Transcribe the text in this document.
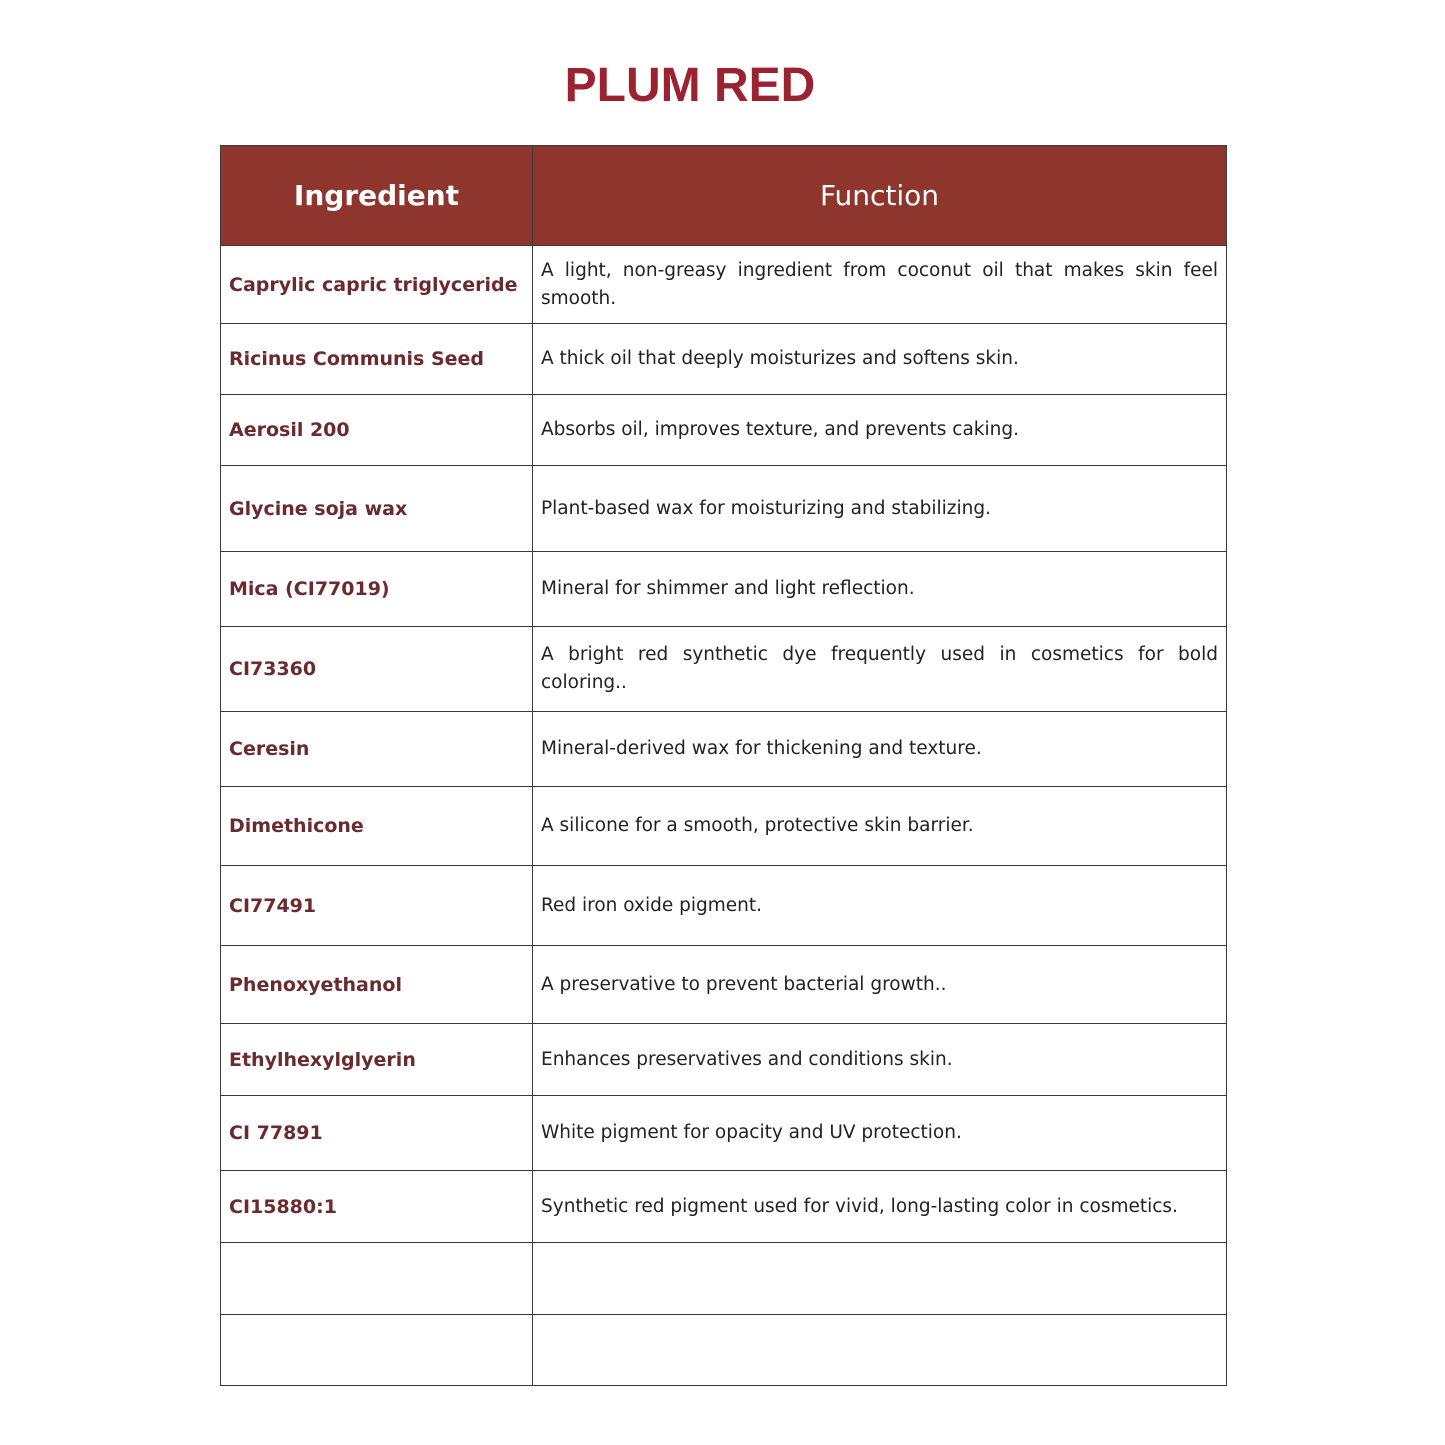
PLUM RED
Ingredient	Function
Caprylic capric triglyceride	A light, non-greasy ingredient from coconut oil that makes skin feel smooth.
Ricinus Communis Seed	A thick oil that deeply moisturizes and softens skin.
Aerosil 200	Absorbs oil, improves texture, and prevents caking.
Glycine soja wax	Plant-based wax for moisturizing and stabilizing.
Mica (CI77019)	Mineral for shimmer and light reflection.
CI73360	A bright red synthetic dye frequently used in cosmetics for bold coloring..
Ceresin	Mineral-derived wax for thickening and texture.
Dimethicone	A silicone for a smooth, protective skin barrier.
CI77491	Red iron oxide pigment.
Phenoxyethanol	A preservative to prevent bacterial growth..
Ethylhexylglyerin	Enhances preservatives and conditions skin.
CI 77891	White pigment for opacity and UV protection.
CI15880:1	Synthetic red pigment used for vivid, long-lasting color in cosmetics.
